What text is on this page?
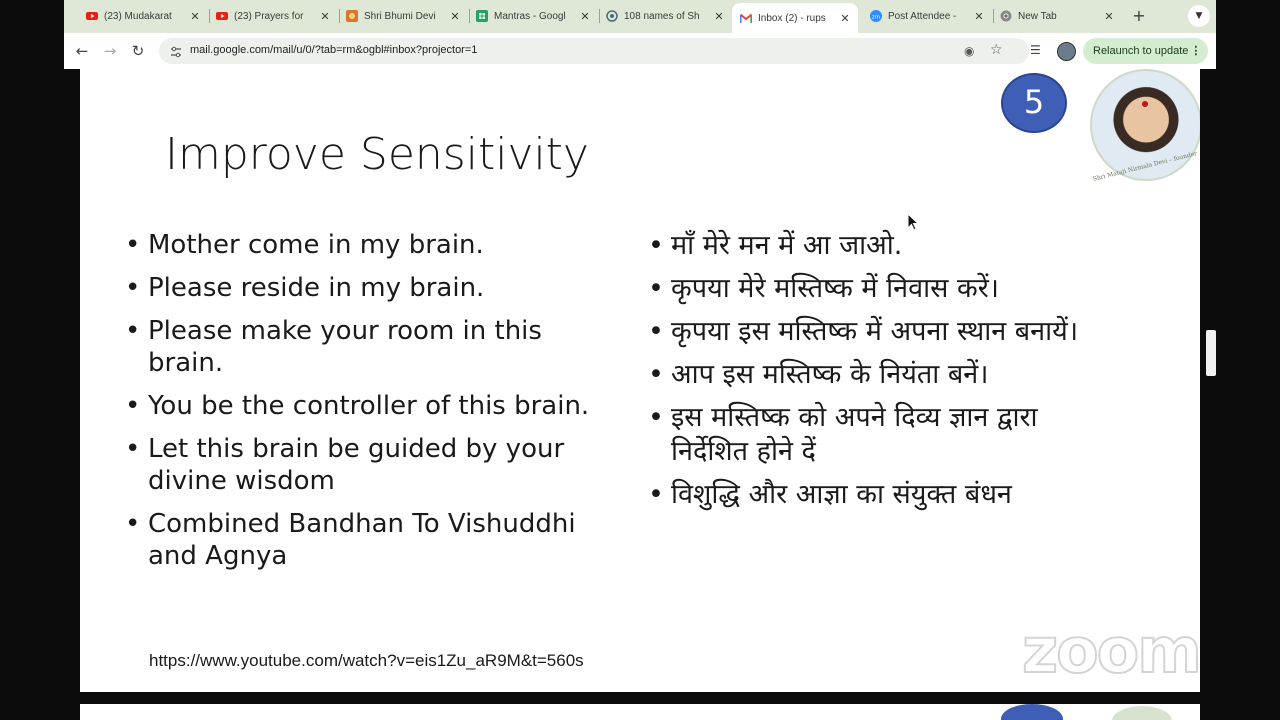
(23) Mudakarat	✕	(23) Prayers for	✕	Shri Bhumi Devi	✕	Mantras - Googl	✕	108 names of Sh	✕	Inbox (2) - rups	✕	zm Post Attendee -	✕	New Tab	✕ +	▼
← → ↻	mail.google.com/mail/u/0/?tab=rm&ogbl#inbox?projector=1	◉ ☆ ☰	Relaunch to update ⋮
Improve Sensitivity
5
Shri Mataji Nirmala Devi – founder
• Mother come in my brain.
• Please reside in my brain.
• Please make your room in this brain.
• You be the controller of this brain.
• Let this brain be guided by your divine wisdom
• Combined Bandhan To Vishuddhi and Agnya
• माँ मेरे मन में आ जाओ.
• कृपया मेरे मस्तिष्क में निवास करें।
• कृपया इस मस्तिष्क में अपना स्थान बनायें।
• आप इस मस्तिष्क के नियंता बनें।
• इस मस्तिष्क को अपने दिव्य ज्ञान द्वारा निर्देशित होने दें
• विशुद्धि और आज्ञा का संयुक्त बंधन
https://www.youtube.com/watch?v=eis1Zu_aR9M&t=560s	zoom
